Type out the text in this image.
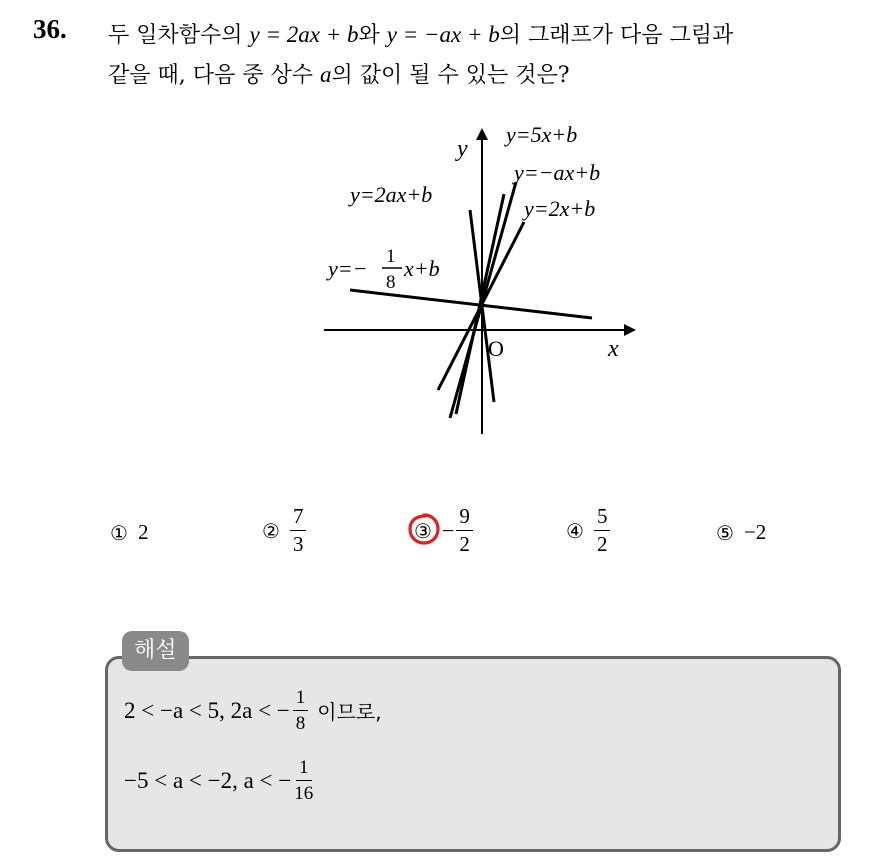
36. 두 일차함수의 y = 2ax + b와 y = −ax + b의 그래프가 다음 그림과
같을 때, 다음 중 상수 a의 값이 될 수 있는 것은?
y
x
O
y=5x+b
y=−ax+b
y=2x+b
y=2ax+b
y=− 1
8
x+b
① 2	② $\frac{7}{3}$	③ − $\frac{9}{2}$	④ $\frac{5}{2}$	⑤ −2
해설
2 < −a < 5, 2a < − $\frac{1}{8}$ 이므로,
−5 < a < −2, a < − $\frac{1}{16}$
